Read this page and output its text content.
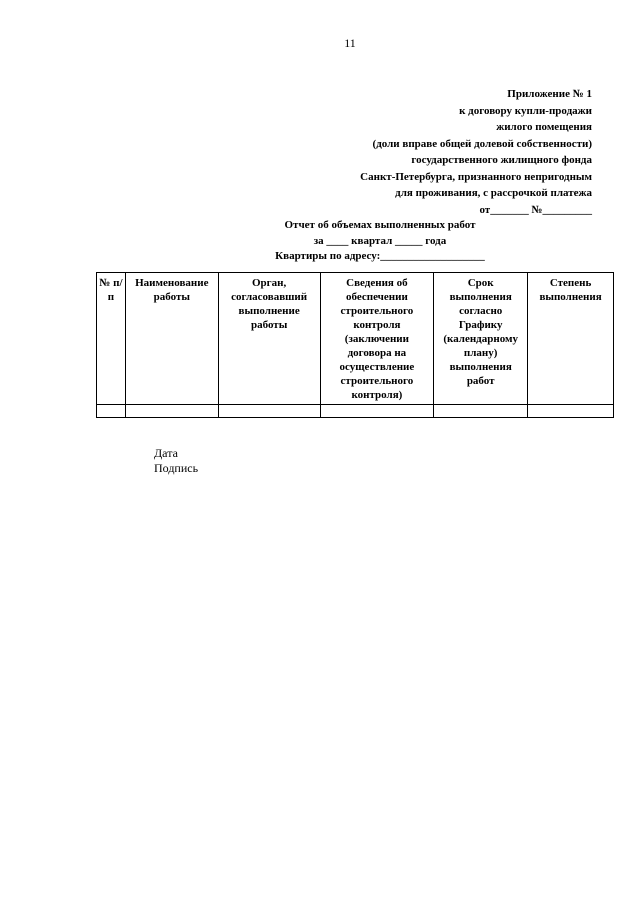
11
Приложение № 1
к договору купли-продажи
жилого помещения
(доли вправе общей долевой собственности)
государственного жилищного фонда
Санкт-Петербурга, признанного непригодным
для проживания, с рассрочкой платежа
от_______ №_________
Отчет об объемах выполненных работ
за ____ квартал _____ года
Квартиры по адресу:___________________
№ п/п	Наименование работы	Орган, согласовавший выполнение работы	Сведения об обеспечении строительного контроля (заключении договора на осуществление строительного контроля)	Срок выполнения согласно Графику (календарному плану) выполнения работ	Степень выполнения

Дата
Подпись
